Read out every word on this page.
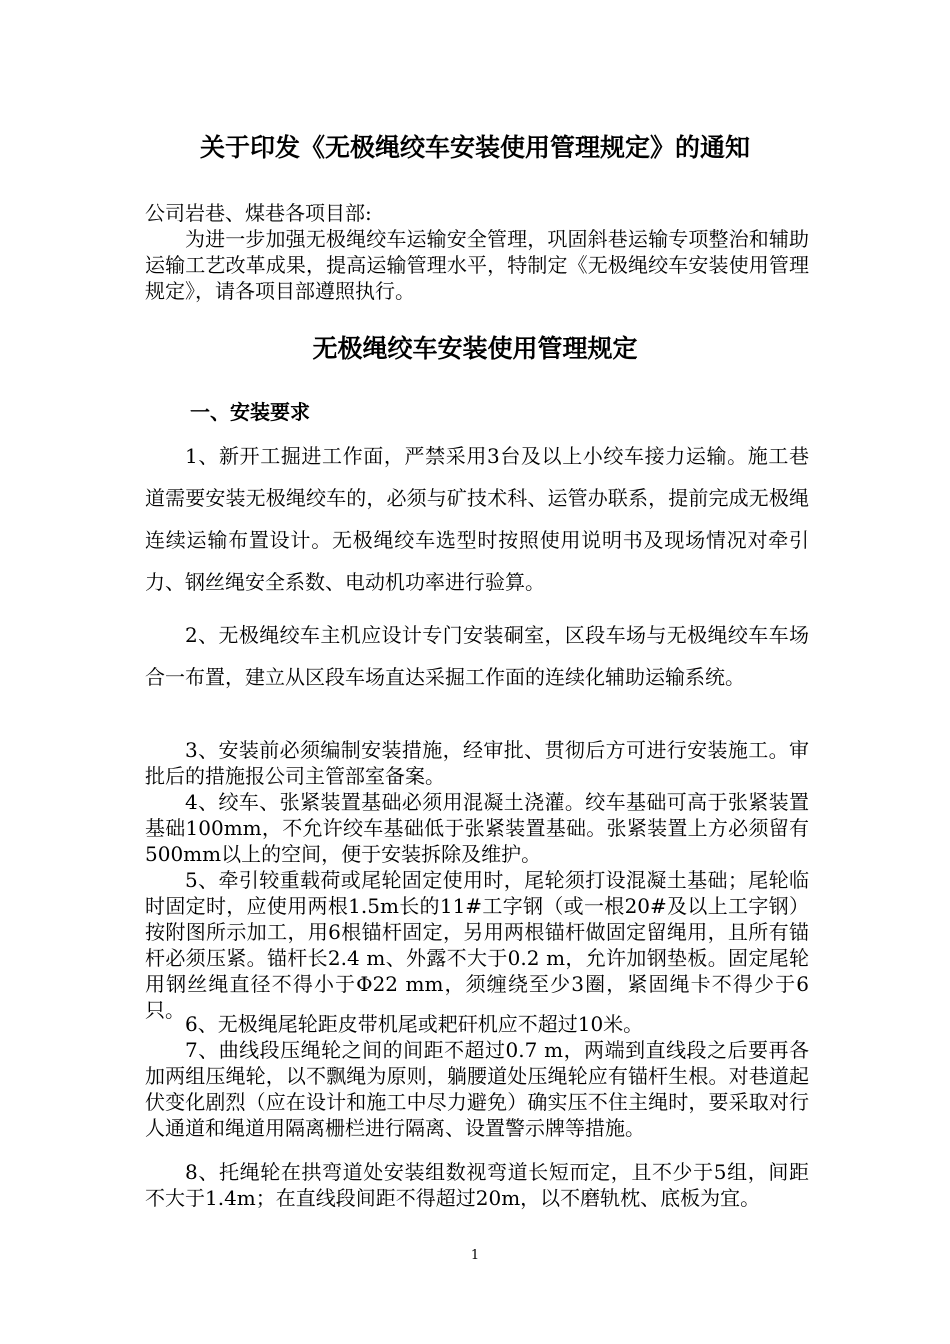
关于印发《无极绳绞车安装使用管理规定》的通知

公司岩巷、煤巷各项目部:

为进一步加强无极绳绞车运输安全管理，巩固斜巷运输专项整治和辅助运输工艺改革成果，提高运输管理水平，特制定《无极绳绞车安装使用管理规定》，请各项目部遵照执行。

无极绳绞车安装使用管理规定
一、安装要求

1、新开工掘进工作面，严禁采用3台及以上小绞车接力运输。施工巷道需要安装无极绳绞车的，必须与矿技术科、运管办联系，提前完成无极绳连续运输布置设计。无极绳绞车选型时按照使用说明书及现场情况对牵引力、钢丝绳安全系数、电动机功率进行验算。

2、无极绳绞车主机应设计专门安装硐室，区段车场与无极绳绞车车场合一布置，建立从区段车场直达采掘工作面的连续化辅助运输系统。

3、安装前必须编制安装措施，经审批、贯彻后方可进行安装施工。审批后的措施报公司主管部室备案。

4、绞车、张紧装置基础必须用混凝土浇灌。绞车基础可高于张紧装置基础100mm，不允许绞车基础低于张紧装置基础。张紧装置上方必须留有500mm以上的空间，便于安装拆除及维护。

5、牵引较重载荷或尾轮固定使用时，尾轮须打设混凝土基础；尾轮临时固定时，应使用两根1.5m长的11#工字钢（或一根20#及以上工字钢）按附图所示加工，用6根锚杆固定，另用两根锚杆做固定留绳用，且所有锚杆必须压紧。锚杆长2.4 m、外露不大于0.2 m，允许加钢垫板。固定尾轮用钢丝绳直径不得小于Φ22 mm，须缠绕至少3圈，紧固绳卡不得少于6只。

6、无极绳尾轮距皮带机尾或耙矸机应不超过10米。

7、曲线段压绳轮之间的间距不超过0.7 m，两端到直线段之后要再各加两组压绳轮，以不飘绳为原则，躺腰道处压绳轮应有锚杆生根。对巷道起伏变化剧烈（应在设计和施工中尽力避免）确实压不住主绳时，要采取对行人通道和绳道用隔离栅栏进行隔离、设置警示牌等措施。

8、托绳轮在拱弯道处安装组数视弯道长短而定，且不少于5组，间距不大于1.4m；在直线段间距不得超过20m，以不磨轨枕、底板为宜。

1
